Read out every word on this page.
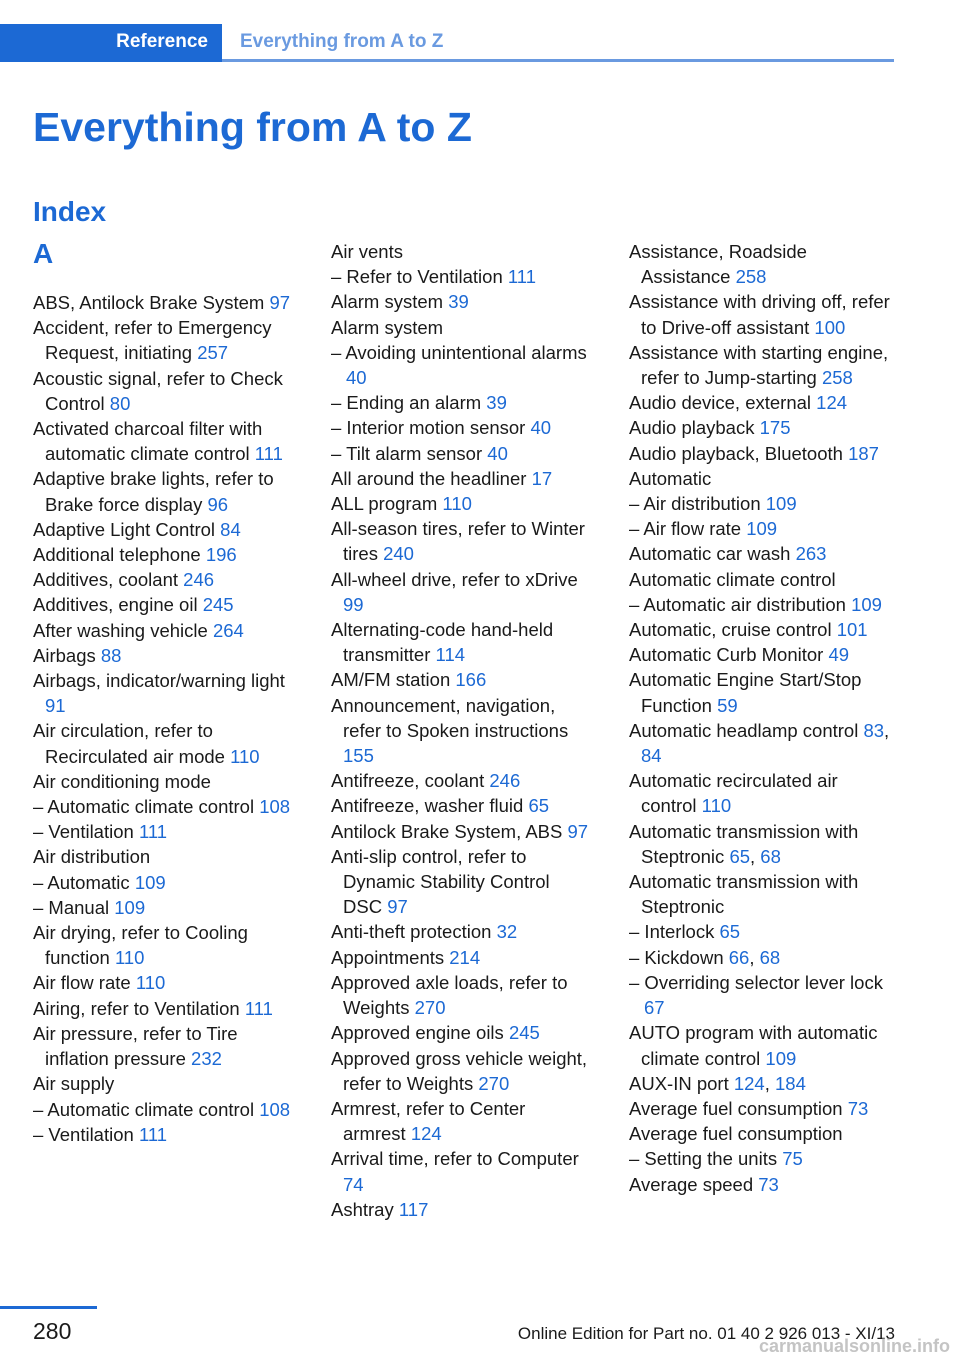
Reference Everything from A to Z
Everything from A to Z
Index
A

ABS, Antilock Brake System 97

Accident, refer to Emergency Request, initiating 257

Acoustic signal, refer to Check Control 80

Activated charcoal filter with automatic climate control 111

Adaptive brake lights, refer to Brake force display 96

Adaptive Light Control 84

Additional telephone 196

Additives, coolant 246

Additives, engine oil 245

After washing vehicle 264

Airbags 88

Airbags, indicator/warning light 91

Air circulation, refer to Recirculated air mode 110

Air conditioning mode

– Automatic climate control 108

– Ventilation 111

Air distribution

– Automatic 109

– Manual 109

Air drying, refer to Cooling function 110

Air flow rate 110

Airing, refer to Ventilation 111

Air pressure, refer to Tire inflation pressure 232

Air supply

– Automatic climate control 108

– Ventilation 111

Air vents

– Refer to Ventilation 111

Alarm system 39

Alarm system

– Avoiding unintentional alarms 40

– Ending an alarm 39

– Interior motion sensor 40

– Tilt alarm sensor 40

All around the headliner 17

ALL program 110

All-season tires, refer to Winter tires 240

All-wheel drive, refer to xDrive 99

Alternating-code hand-held transmitter 114

AM/FM station 166

Announcement, navigation, refer to Spoken instructions 155

Antifreeze, coolant 246

Antifreeze, washer fluid 65

Antilock Brake System, ABS 97

Anti-slip control, refer to Dynamic Stability Control DSC 97

Anti-theft protection 32

Appointments 214

Approved axle loads, refer to Weights 270

Approved engine oils 245

Approved gross vehicle weight, refer to Weights 270

Armrest, refer to Center armrest 124

Arrival time, refer to Computer 74

Ashtray 117

Assistance, Roadside Assistance 258

Assistance with driving off, refer to Drive-off assistant 100

Assistance with starting engine, refer to Jump-starting 258

Audio device, external 124

Audio playback 175

Audio playback, Bluetooth 187

Automatic

– Air distribution 109

– Air flow rate 109

Automatic car wash 263

Automatic climate control

– Automatic air distribution 109

Automatic, cruise control 101

Automatic Curb Monitor 49

Automatic Engine Start/Stop Function 59

Automatic headlamp control 83, 84

Automatic recirculated air control 110

Automatic transmission with Steptronic 65, 68

Automatic transmission with Steptronic

– Interlock 65

– Kickdown 66, 68

– Overriding selector lever lock 67

AUTO program with automatic climate control 109

AUX-IN port 124, 184

Average fuel consumption 73

Average fuel consumption

– Setting the units 75

Average speed 73

280	Online Edition for Part no. 01 40 2 926 013 - XI/13
carmanualsonline.info
